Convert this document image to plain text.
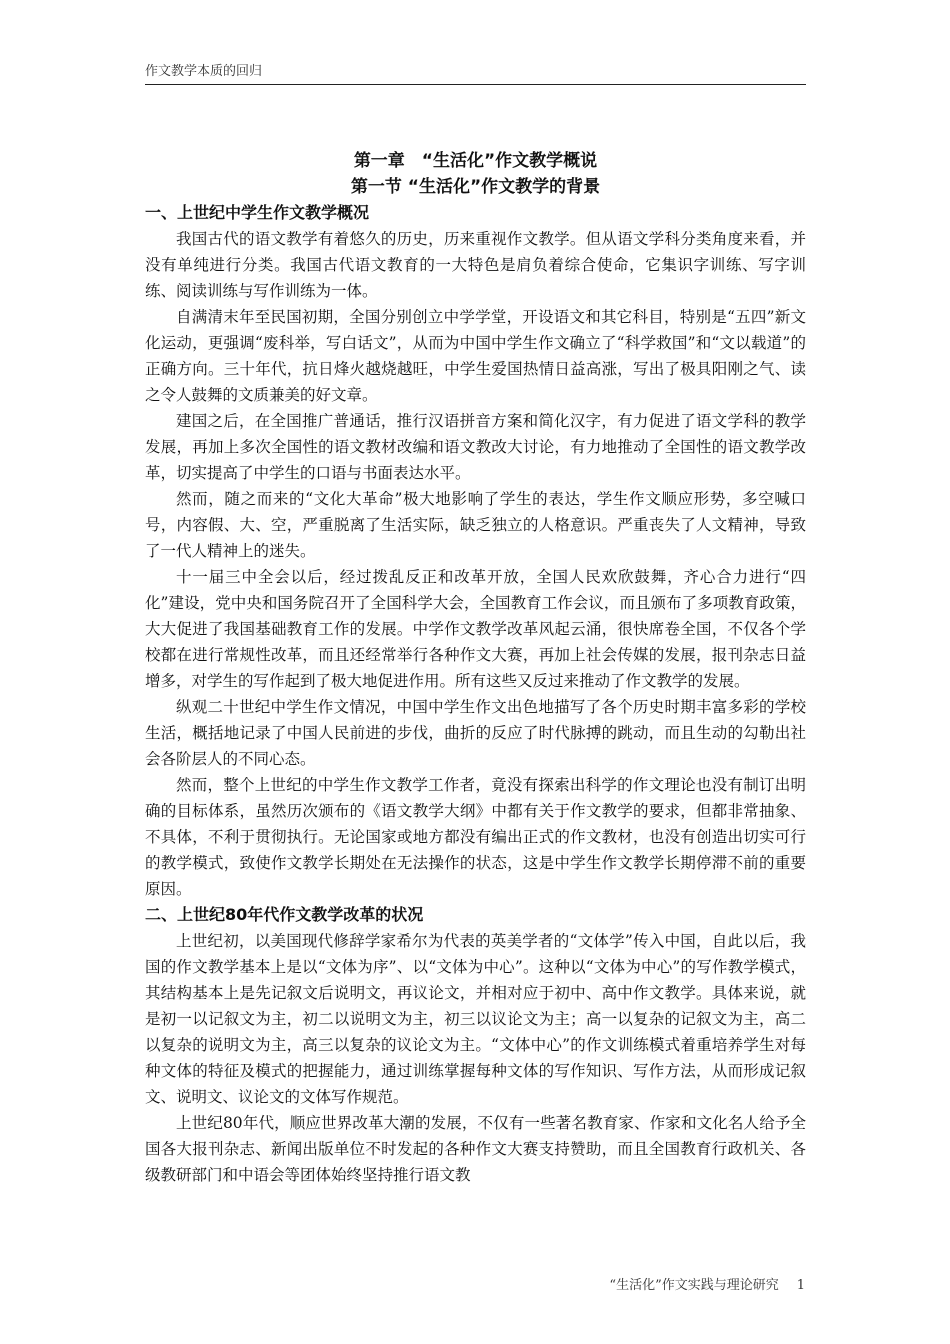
作文教学本质的回归
第一章　“生活化”作文教学概说
第一节 “生活化”作文教学的背景
一、上世纪中学生作文教学概况

我国古代的语文教学有着悠久的历史，历来重视作文教学。但从语文学科分类角度来看，并没有单纯进行分类。我国古代语文教育的一大特色是肩负着综合使命，它集识字训练、写字训练、阅读训练与写作训练为一体。

自满清末年至民国初期，全国分别创立中学学堂，开设语文和其它科目，特别是“五四”新文化运动，更强调“废科举，写白话文”，从而为中国中学生作文确立了“科学救国”和“文以载道”的正确方向。三十年代，抗日烽火越烧越旺，中学生爱国热情日益高涨，写出了极具阳刚之气、读之令人鼓舞的文质兼美的好文章。

建国之后，在全国推广普通话，推行汉语拼音方案和简化汉字，有力促进了语文学科的教学发展，再加上多次全国性的语文教材改编和语文教改大讨论，有力地推动了全国性的语文教学改革，切实提高了中学生的口语与书面表达水平。

然而，随之而来的“文化大革命”极大地影响了学生的表达，学生作文顺应形势，多空喊口号，内容假、大、空，严重脱离了生活实际，缺乏独立的人格意识。严重丧失了人文精神，导致了一代人精神上的迷失。

十一届三中全会以后，经过拨乱反正和改革开放，全国人民欢欣鼓舞，齐心合力进行“四化”建设，党中央和国务院召开了全国科学大会，全国教育工作会议，而且颁布了多项教育政策，大大促进了我国基础教育工作的发展。中学作文教学改革风起云涌，很快席卷全国，不仅各个学校都在进行常规性改革，而且还经常举行各种作文大赛，再加上社会传媒的发展，报刊杂志日益增多，对学生的写作起到了极大地促进作用。所有这些又反过来推动了作文教学的发展。

纵观二十世纪中学生作文情况，中国中学生作文出色地描写了各个历史时期丰富多彩的学校生活，概括地记录了中国人民前进的步伐，曲折的反应了时代脉搏的跳动，而且生动的勾勒出社会各阶层人的不同心态。

然而，整个上世纪的中学生作文教学工作者，竟没有探索出科学的作文理论也没有制订出明确的目标体系，虽然历次颁布的《语文教学大纲》中都有关于作文教学的要求，但都非常抽象、不具体，不利于贯彻执行。无论国家或地方都没有编出正式的作文教材，也没有创造出切实可行的教学模式，致使作文教学长期处在无法操作的状态，这是中学生作文教学长期停滞不前的重要原因。

二、上世纪80年代作文教学改革的状况

上世纪初，以美国现代修辞学家希尔为代表的英美学者的“文体学”传入中国，自此以后，我国的作文教学基本上是以“文体为序”、以“文体为中心”。这种以“文体为中心”的写作教学模式，其结构基本上是先记叙文后说明文，再议论文，并相对应于初中、高中作文教学。具体来说，就是初一以记叙文为主，初二以说明文为主，初三以议论文为主；高一以复杂的记叙文为主，高二以复杂的说明文为主，高三以复杂的议论文为主。“文体中心”的作文训练模式着重培养学生对每种文体的特征及模式的把握能力，通过训练掌握每种文体的写作知识、写作方法，从而形成记叙文、说明文、议论文的文体写作规范。

上世纪80年代，顺应世界改革大潮的发展，不仅有一些著名教育家、作家和文化名人给予全国各大报刊杂志、新闻出版单位不时发起的各种作文大赛支持赞助，而且全国教育行政机关、各级教研部门和中语会等团体始终坚持推行语文教

“生活化”作文实践与理论研究 1
